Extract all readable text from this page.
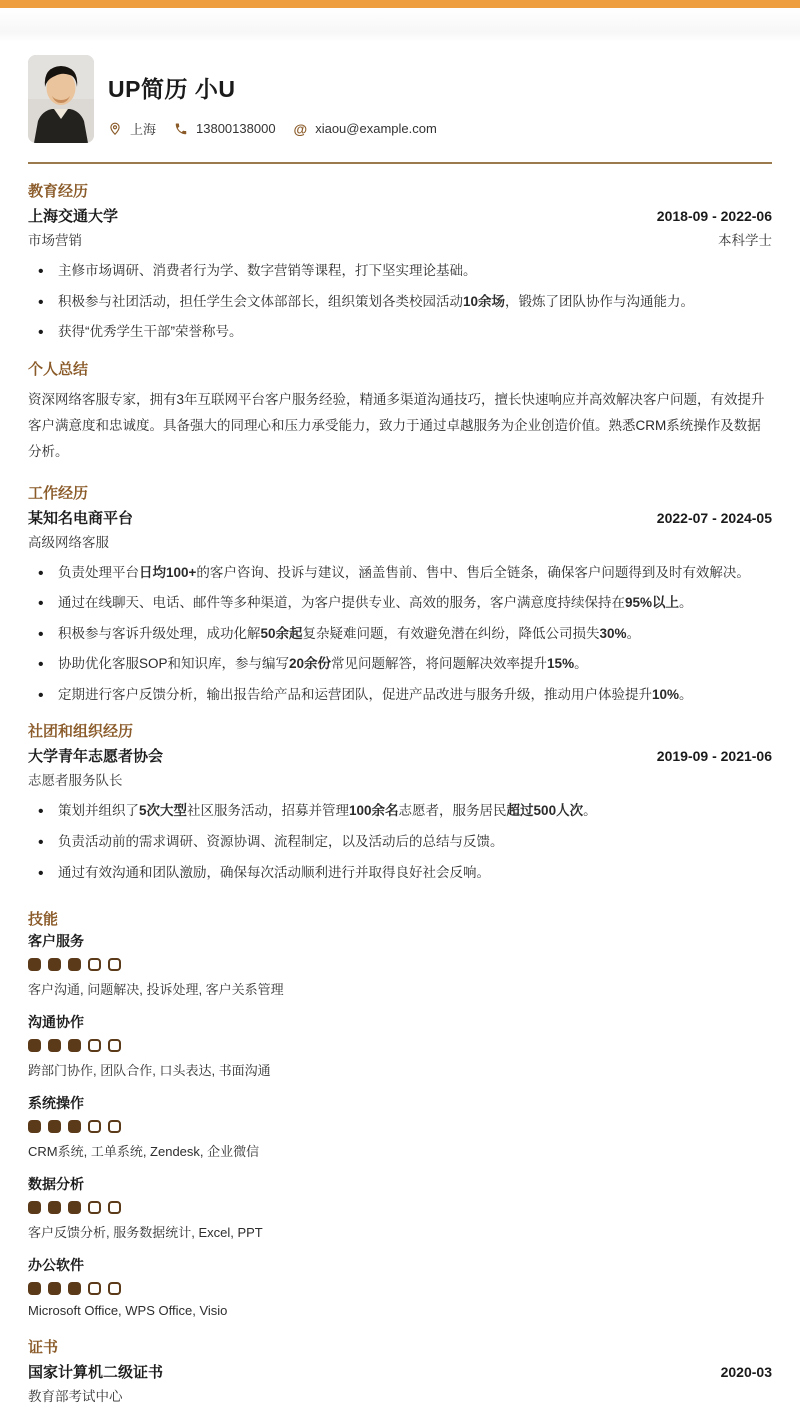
UP简历 小U
上海	13800138000 @ xiaou@example.com
教育经历
上海交通大学	2018-09 - 2022-06
市场营销	本科学士
• 主修市场调研、消费者行为学、数字营销等课程，打下坚实理论基础。
• 积极参与社团活动，担任学生会文体部部长，组织策划各类校园活动10余场，锻炼了团队协作与沟通能力。
• 获得“优秀学生干部”荣誉称号。
个人总结

资深网络客服专家，拥有3年互联网平台客户服务经验，精通多渠道沟通技巧，擅长快速响应并高效解决客户问题，有效提升客户满意度和忠诚度。具备强大的同理心和压力承受能力，致力于通过卓越服务为企业创造价值。熟悉CRM系统操作及数据分析。

工作经历
某知名电商平台	2022-07 - 2024-05
高级网络客服
• 负责处理平台日均100+的客户咨询、投诉与建议，涵盖售前、售中、售后全链条，确保客户问题得到及时有效解决。
• 通过在线聊天、电话、邮件等多种渠道，为客户提供专业、高效的服务，客户满意度持续保持在95%以上。
• 积极参与客诉升级处理，成功化解50余起复杂疑难问题，有效避免潜在纠纷，降低公司损失30%。
• 协助优化客服SOP和知识库，参与编写20余份常见问题解答，将问题解决效率提升15%。
• 定期进行客户反馈分析，输出报告给产品和运营团队，促进产品改进与服务升级，推动用户体验提升10%。
社团和组织经历
大学青年志愿者协会	2019-09 - 2021-06
志愿者服务队长
• 策划并组织了5次大型社区服务活动，招募并管理100余名志愿者，服务居民超过500人次。
• 负责活动前的需求调研、资源协调、流程制定，以及活动后的总结与反馈。
• 通过有效沟通和团队激励，确保每次活动顺利进行并取得良好社会反响。
技能
客户服务
客户沟通, 问题解决, 投诉处理, 客户关系管理
沟通协作
跨部门协作, 团队合作, 口头表达, 书面沟通
系统操作
CRM系统, 工单系统, Zendesk, 企业微信
数据分析
客户反馈分析, 服务数据统计, Excel, PPT
办公软件
Microsoft Office, WPS Office, Visio
证书
国家计算机二级证书	2020-03
教育部考试中心
